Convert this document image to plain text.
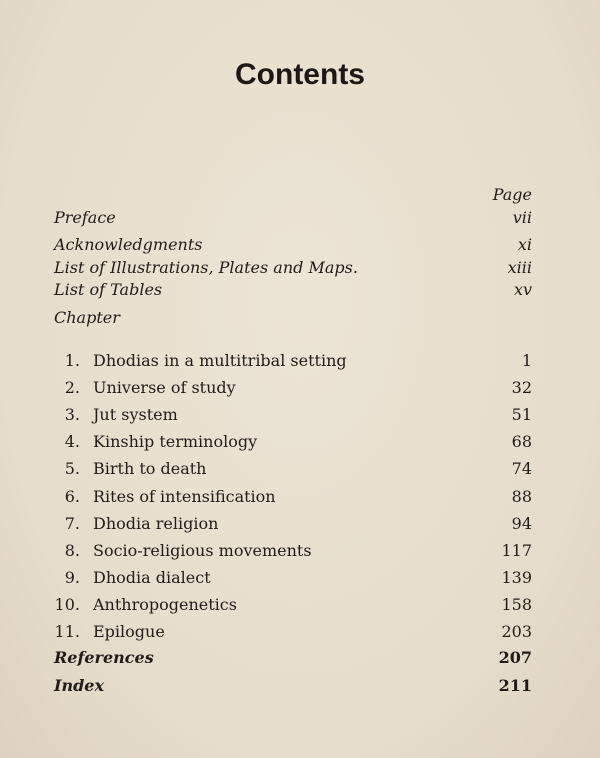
Contents
Page
Preface	vii
Acknowledgments	xi
List of Illustrations, Plates and Maps.	xiii
List of Tables	xv
Chapter
1. Dhodias in a multitribal setting	1
2. Universe of study	32
3. Jut system	51
4. Kinship terminology	68
5. Birth to death	74
6. Rites of intensification	88
7. Dhodia religion	94
8. Socio-religious movements	117
9. Dhodia dialect	139
10. Anthropogenetics	158
11. Epilogue	203
References	207
Index	211
